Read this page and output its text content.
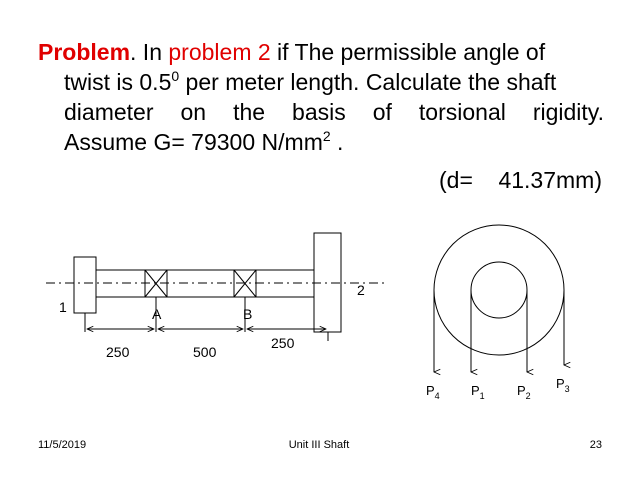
Problem. In problem 2 if The permissible angle of
twist is $0.5^0$ per meter length. Calculate the shaft
diameter on the basis of torsional rigidity.
Assume G= 79300 $N/mm^2$ .
(d=    41.37mm)
1
2
A	B
250	500
250
$P_4$ $P_1$ $P_2$
$P_3$
11/5/2019	Unit III Shaft	23
